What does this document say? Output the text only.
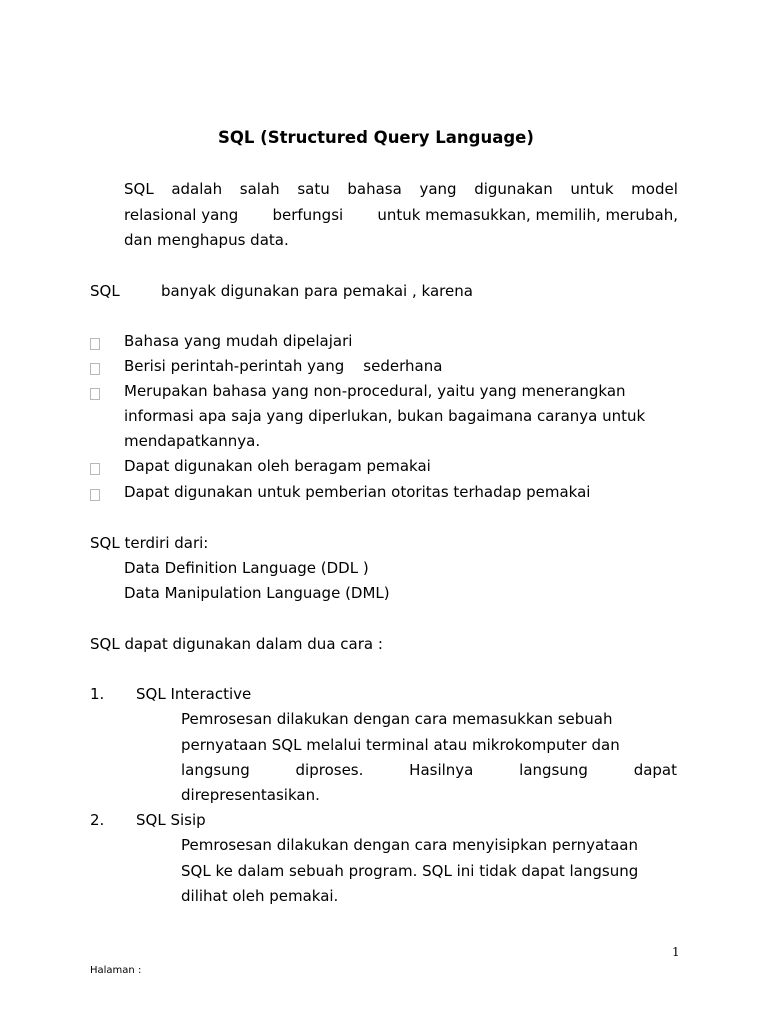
SQL (Structured Query Language)
SQL adalah salah satu bahasa yang digunakan untuk model
relasional yang berfungsi untuk memasukkan, memilih, merubah,
dan menghapus data.
SQL	banyak digunakan para pemakai , karena
Bahasa yang mudah dipelajari
Berisi perintah-perintah yang    sederhana
Merupakan bahasa yang non-procedural, yaitu yang menerangkan
informasi apa saja yang diperlukan, bukan bagaimana caranya untuk
mendapatkannya.
Dapat digunakan oleh beragam pemakai
Dapat digunakan untuk pemberian otoritas terhadap pemakai
SQL terdiri dari:
Data Definition Language (DDL )
Data Manipulation Language (DML)
SQL dapat digunakan dalam dua cara :
1. SQL Interactive
Pemrosesan dilakukan dengan cara memasukkan sebuah
pernyataan SQL melalui terminal atau mikrokomputer dan
langsung	diproses.	Hasilnya	langsung	dapat
direpresentasikan.
2. SQL Sisip
Pemrosesan dilakukan dengan cara menyisipkan pernyataan
SQL ke dalam sebuah program. SQL ini tidak dapat langsung
dilihat oleh pemakai.
1
Halaman :
